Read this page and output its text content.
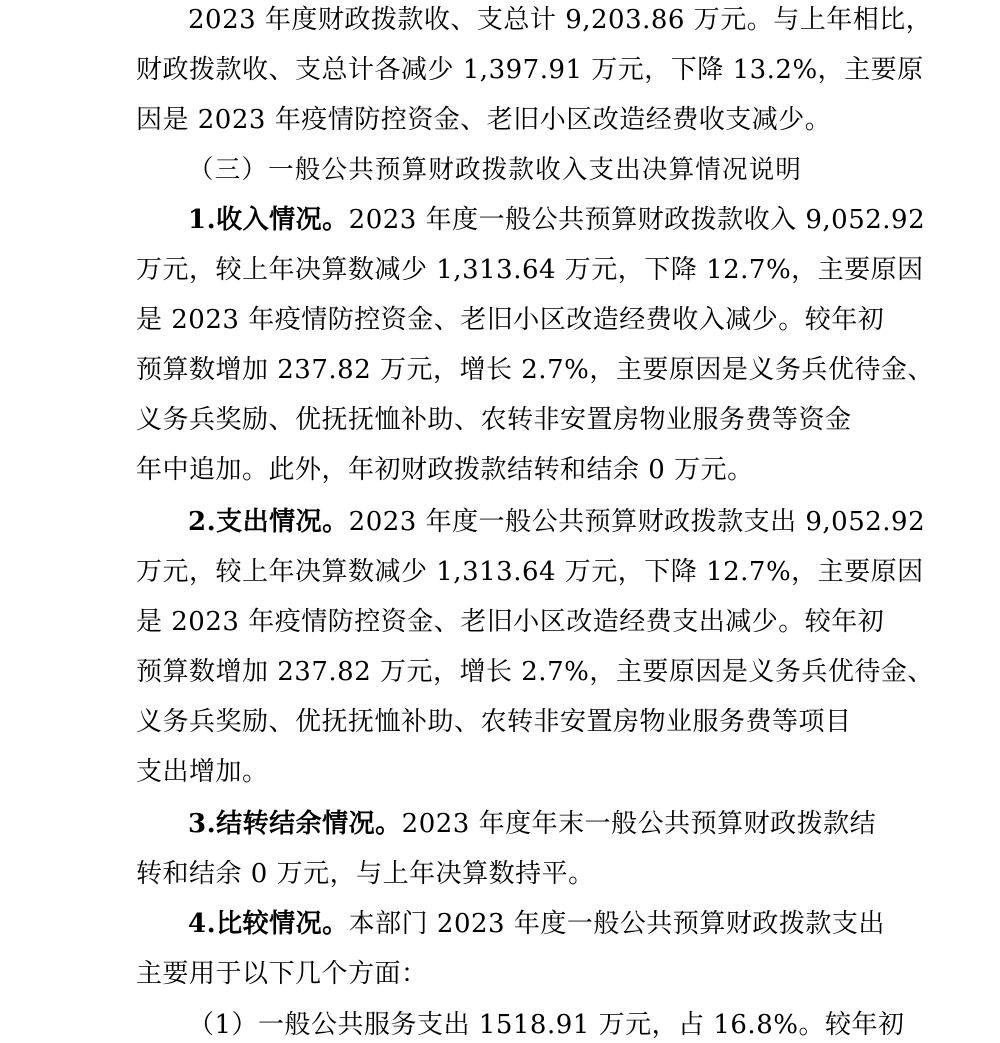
2023 年度财政拨款收、支总计 9,203.86 万元。与上年相比，
财政拨款收、支总计各减少 1,397.91 万元，下降 13.2%，主要原
因是 2023 年疫情防控资金、老旧小区改造经费收支减少。
（三）一般公共预算财政拨款收入支出决算情况说明
1.收入情况。2023 年度一般公共预算财政拨款收入 9,052.92
万元，较上年决算数减少 1,313.64 万元，下降 12.7%，主要原因
是 2023 年疫情防控资金、老旧小区改造经费收入减少。较年初
预算数增加 237.82 万元，增长 2.7%，主要原因是义务兵优待金、
义务兵奖励、优抚抚恤补助、农转非安置房物业服务费等资金
年中追加。此外，年初财政拨款结转和结余 0 万元。
2.支出情况。2023 年度一般公共预算财政拨款支出 9,052.92
万元，较上年决算数减少 1,313.64 万元，下降 12.7%，主要原因
是 2023 年疫情防控资金、老旧小区改造经费支出减少。较年初
预算数增加 237.82 万元，增长 2.7%，主要原因是义务兵优待金、
义务兵奖励、优抚抚恤补助、农转非安置房物业服务费等项目
支出增加。
3.结转结余情况。2023 年度年末一般公共预算财政拨款结
转和结余 0 万元，与上年决算数持平。
4.比较情况。本部门 2023 年度一般公共预算财政拨款支出
主要用于以下几个方面：
（1）一般公共服务支出 1518.91 万元，占 16.8%。较年初
